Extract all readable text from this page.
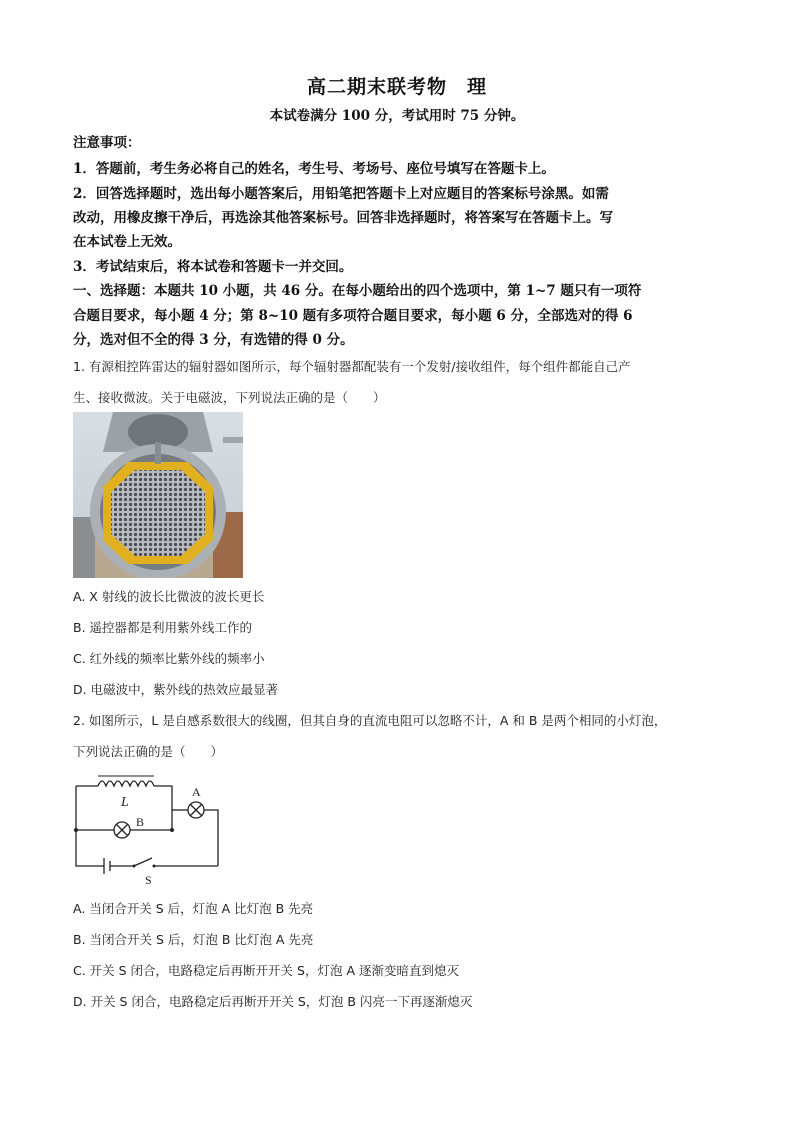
高二期末联考物　理
本试卷满分 100 分，考试用时 75 分钟。
注意事项：
1．答题前，考生务必将自己的姓名，考生号、考场号、座位号填写在答题卡上。
2．回答选择题时，选出每小题答案后，用铅笔把答题卡上对应题目的答案标号涂黑。如需
改动，用橡皮擦干净后，再选涂其他答案标号。回答非选择题时，将答案写在答题卡上。写
在本试卷上无效。
3．考试结束后，将本试卷和答题卡一并交回。
一、选择题：本题共 10 小题，共 46 分。在每小题给出的四个选项中，第 1~7 题只有一项符
合题目要求，每小题 4 分；第 8~10 题有多项符合题目要求，每小题 6 分，全部选对的得 6
分，选对但不全的得 3 分，有选错的得 0 分。
1. 有源相控阵雷达的辐射器如图所示，每个辐射器都配装有一个发射/接收组件，每个组件都能自己产
生、接收微波。关于电磁波，下列说法正确的是（　　）
A. X 射线的波长比微波的波长更长
B. 遥控器都是利用紫外线工作的
C. 红外线的频率比紫外线的频率小
D. 电磁波中，紫外线的热效应最显著
2. 如图所示，L 是自感系数很大的线圈，但其自身的直流电阻可以忽略不计，A 和 B 是两个相同的小灯泡，
下列说法正确的是（　　）
L
A
B
S
A. 当闭合开关 S 后，灯泡 A 比灯泡 B 先亮
B. 当闭合开关 S 后，灯泡 B 比灯泡 A 先亮
C. 开关 S 闭合，电路稳定后再断开开关 S，灯泡 A 逐渐变暗直到熄灭
D. 开关 S 闭合，电路稳定后再断开开关 S，灯泡 B 闪亮一下再逐渐熄灭
